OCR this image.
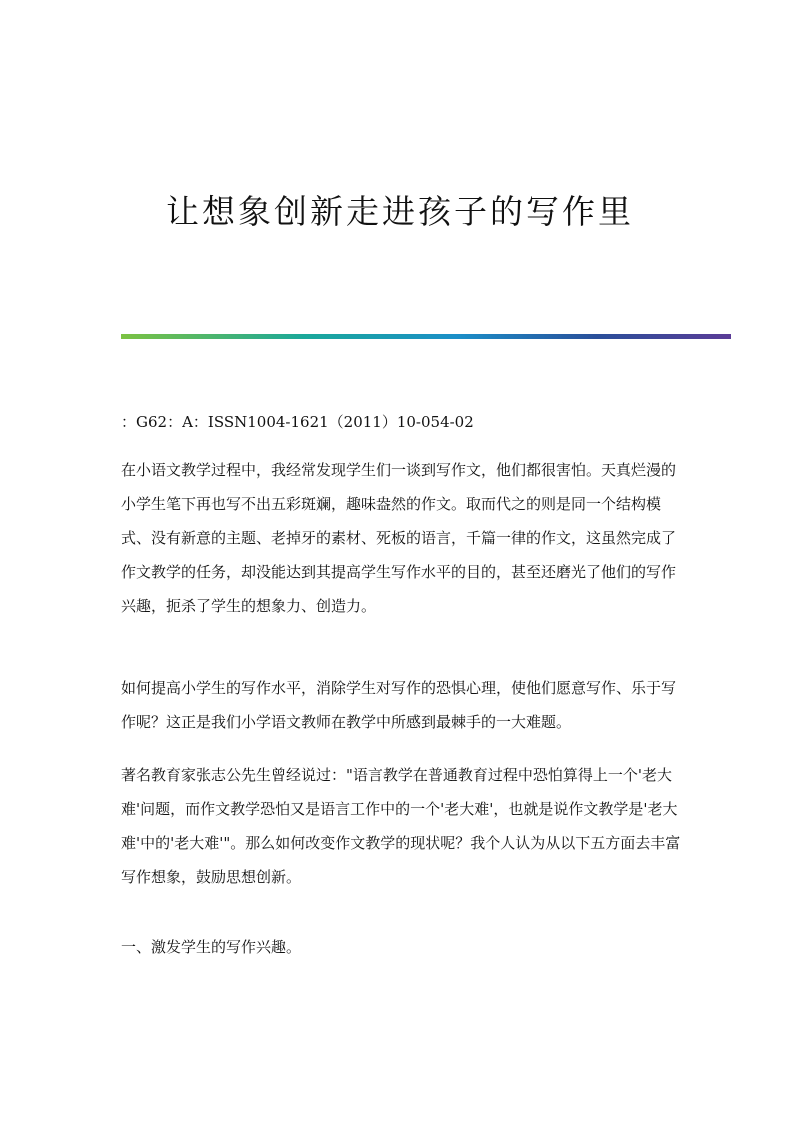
让想象创新走进孩子的写作里
：G62：A：ISSN1004-1621（2011）10-054-02

在小语文教学过程中，我经常发现学生们一谈到写作文，他们都很害怕。天真烂漫的小学生笔下再也写不出五彩斑斓，趣味盎然的作文。取而代之的则是同一个结构模式、没有新意的主题、老掉牙的素材、死板的语言，千篇一律的作文，这虽然完成了作文教学的任务，却没能达到其提高学生写作水平的目的，甚至还磨光了他们的写作兴趣，扼杀了学生的想象力、创造力。

如何提高小学生的写作水平，消除学生对写作的恐惧心理，使他们愿意写作、乐于写作呢？这正是我们小学语文教师在教学中所感到最棘手的一大难题。

著名教育家张志公先生曾经说过："语言教学在普通教育过程中恐怕算得上一个'老大难'问题，而作文教学恐怕又是语言工作中的一个'老大难'，也就是说作文教学是'老大难'中的'老大难'"。那么如何改变作文教学的现状呢？我个人认为从以下五方面去丰富写作想象，鼓励思想创新。

一、激发学生的写作兴趣。
